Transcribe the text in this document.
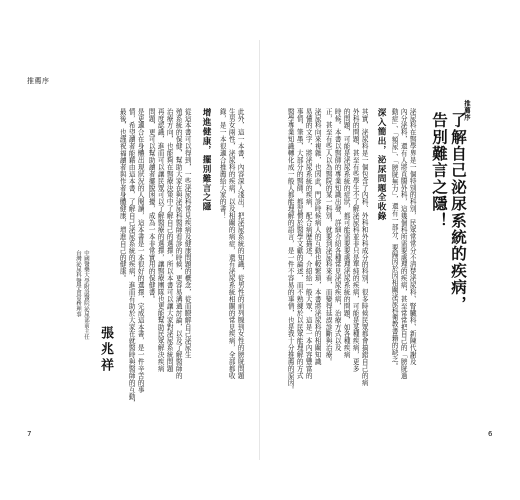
推薦序
7	6
推薦序
了解自己泌尿系統的疾病，
告別難言之隱！
泌尿科在醫學界是一個特別的科別，民眾常常分不清楚泌尿科、腎臟科、新陳代謝及
內分泌科，還有人將直腸外科，這幾個科所需要處理的疾病，甚至常常把自己的「膀胱過
動症」、「頻尿」、「膀胱無力」，還有一部分，要歸因於因相關泌尿科衛教書籍的缺乏。
深入簡出，泌尿問題全收錄
其實，泌尿科是一個包含了內科、外科和外科成分的科別，很多時候民眾都會搞錯自己的病
外科的問題，甚至有些學生不了解泌尿科並非只是單純的疾病，可能是某種疾病，更多
的問題，可能是泌尿系統的症狀，都可能需要要處理泌尿系統的問題，如各種疾病
時候。本書以醫師的專業知識出發，詳細介紹各種常見泌尿疾病，治療方式以及
正，甚至有些人以為醫院的某一科別，就要到泌尿科來看，而變得延誤診斷與治療。
泌尿科向來複雜，也因此，門診時候病人的互動也較繁瑣，本書將泌尿科的相關知識
易懂的文字，將泌尿系統的疾病，配合病歷描述，介紹給一般大眾，這是一本內容豐富的
事情，筆墨，大部分的醫師，都習慣於醫學文獻的論述，而不熟練於以民眾能理解的方式
醫學專業知識轉化成一般人都能理解的語言，是一件不容易的事情，也是我十分推薦的原因。
此外，這一本書，內容深入淺出，把泌尿系統的知識，從男性的前列腺到女性的膀胱問題
生男女兩性，泌尿科的疾病，以及相關的病症，還有泌尿系統相關的常見疾病，全部都收
錄，是一本很適合推薦給大家的書！
增進健康，擺別難言之隱
從這本書可以得到，一些泌尿科常見疾病及健康問題的概念，從而瞭解自己泌尿生
殖系統的保健，幫助大家在與泌尿科醫師看診的時候，更容易溝通討論，以及了解醫師的
治療方向，也能夠在醫療決策中了解自己的選擇，所以本書可以讓大家對泌尿系統問題
再度認識，進而可以讓民眾可以了解醫療的選擇，讓醫療團隊也更能幫助民眾解決疾病
問題，更可以幫助讀者擺脫困擾，成為一本非常實用的保健書。
是更適合在身體出現狀況的人閱讀，這本書是一本很好的選擇，完成這本書，是一件辛苦的事
情，希望讀者能藉由這本書，了解自己泌尿系統的疾病，進而有助於大家在就醫時與醫師的互動，
最後，也謹祝福讀者與作者身體健康，增進自己的健康。
張兆祥
中國醫藥大學附設醫院泌尿部前主任
台灣泌尿科醫學會常務理事
